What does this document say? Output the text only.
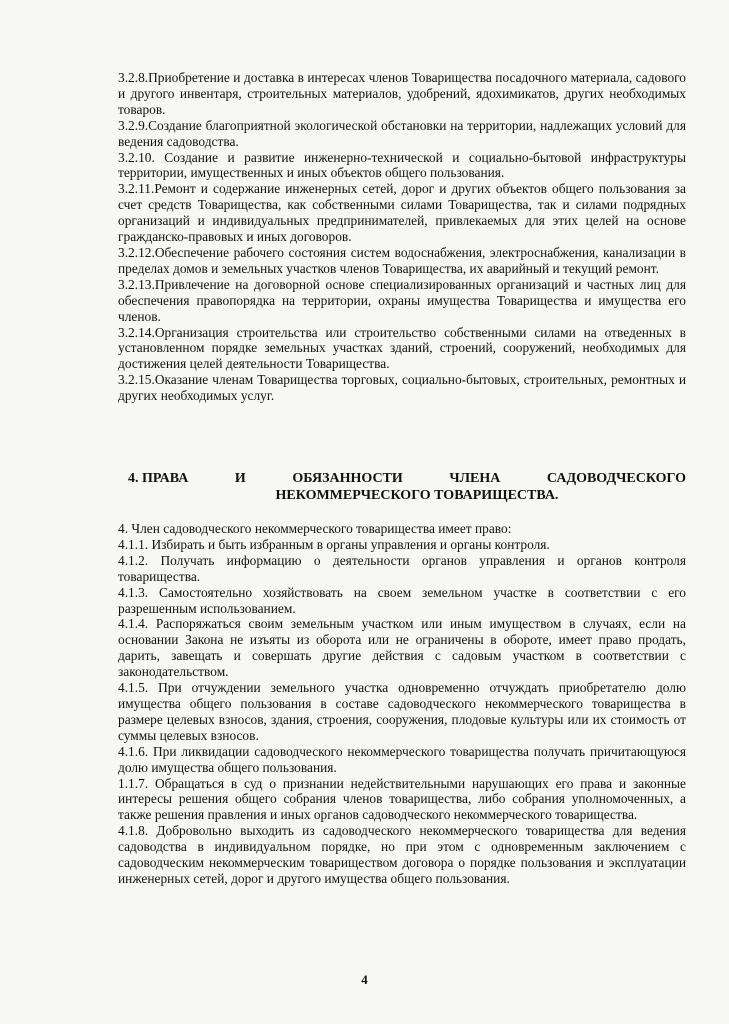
3.2.8.Приобретение и доставка в интересах членов Товарищества посадочного материала, садового и другого инвентаря, строительных материалов, удобрений, ядохимикатов, других необходимых товаров.

3.2.9.Создание благоприятной экологической обстановки на территории, надлежащих условий для ведения садоводства.

3.2.10. Создание и развитие инженерно-технической и социально-бытовой инфраструктуры территории, имущественных и иных объектов общего пользования.

3.2.11.Ремонт и содержание инженерных сетей, дорог и других объектов общего пользования за счет средств Товарищества, как собственными силами Товарищества, так и силами подрядных организаций и индивидуальных предпринимателей, привлекаемых для этих целей на основе гражданско-правовых и иных договоров.

3.2.12.Обеспечение рабочего состояния систем водоснабжения, электроснабжения, канализации в пределах домов и земельных участков членов Товарищества, их аварийный и текущий ремонт.

3.2.13.Привлечение на договорной основе специализированных организаций и частных лиц для обеспечения правопорядка на территории, охраны имущества Товарищества и имущества его членов.

3.2.14.Организация строительства или строительство собственными силами на отведенных в установленном порядке земельных участках зданий, строений, сооружений, необходимых для достижения целей деятельности Товарищества.

3.2.15.Оказание членам Товарищества торговых, социально-бытовых, строительных, ремонтных и других необходимых услуг.

4. ПРАВА	И	ОБЯЗАННОСТИ	ЧЛЕНА	САДОВОДЧЕСКОГО
НЕКОММЕРЧЕСКОГО ТОВАРИЩЕСТВА.

4. Член садоводческого некоммерческого товарищества имеет право:

4.1.1. Избирать и быть избранным в органы управления и органы контроля.

4.1.2. Получать информацию о деятельности органов управления и органов контроля товарищества.

4.1.3. Самостоятельно хозяйствовать на своем земельном участке в соответствии с его разрешенным использованием.

4.1.4. Распоряжаться своим земельным участком или иным имуществом в случаях, если на основании Закона не изъяты из оборота или не ограничены в обороте, имеет право продать, дарить, завещать и совершать другие действия с садовым участком в соответствии с законодательством.

4.1.5. При отчуждении земельного участка одновременно отчуждать приобретателю долю имущества общего пользования в составе садоводческого некоммерческого товарищества в размере целевых взносов, здания, строения, сооружения, плодовые культуры или их стоимость от суммы целевых взносов.

4.1.6. При ликвидации садоводческого некоммерческого товарищества получать причитающуюся долю имущества общего пользования.

1.1.7. Обращаться в суд о признании недействительными нарушающих его права и законные интересы решения общего собрания членов товарищества, либо собрания уполномоченных, а также решения правления и иных органов садоводческого некоммерческого товарищества.

4.1.8. Добровольно выходить из садоводческого некоммерческого товарищества для ведения садоводства в индивидуальном порядке, но при этом с одновременным заключением с садоводческим некоммерческим товариществом договора о порядке пользования и эксплуатации инженерных сетей, дорог и другого имущества общего пользования.

4
